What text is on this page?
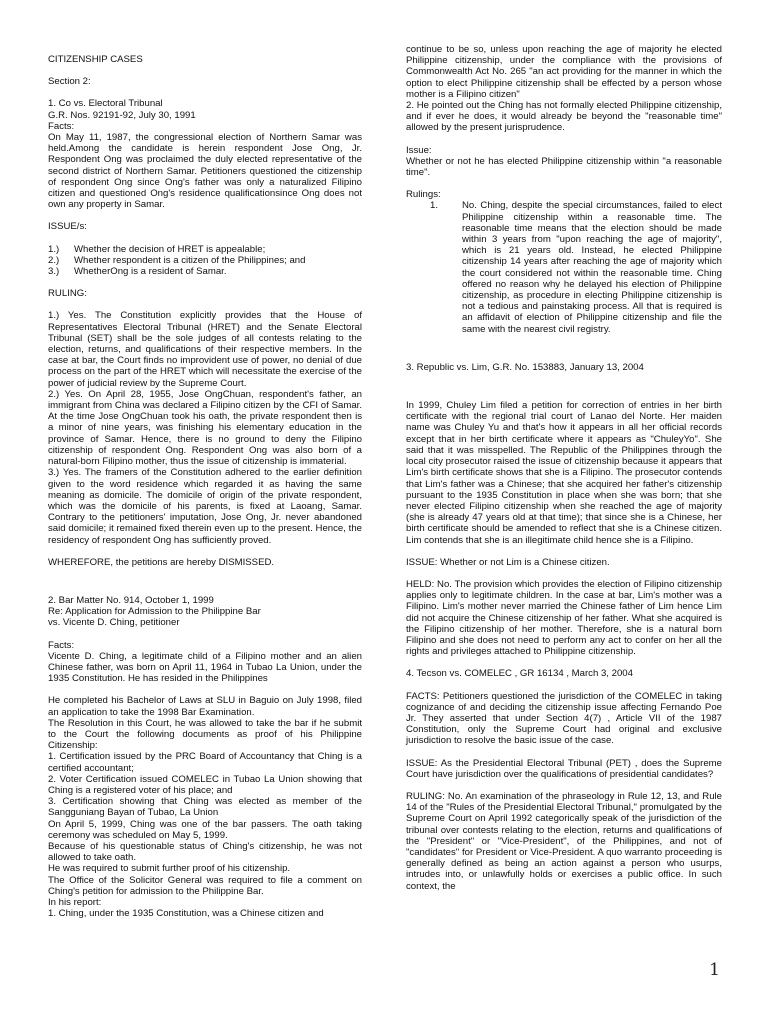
CITIZENSHIP CASES

Section 2:

1. Co vs. Electoral Tribunal

G.R. Nos. 92191-92, July 30, 1991

Facts:

On May 11, 1987, the congressional election of Northern Samar was held.Among the candidate is herein respondent Jose Ong, Jr. Respondent Ong was proclaimed the duly elected representative of the second district of Northern Samar. Petitioners questioned the citizenship of respondent Ong since Ong's father was only a naturalized Filipino citizen and questioned Ong's residence qualificationsince Ong does not own any property in Samar.

ISSUE/s:

1.) Whether the decision of HRET is appealable;
2.) Whether respondent is a citizen of the Philippines; and
3.) WhetherOng is a resident of Samar.

RULING:

1.) Yes. The Constitution explicitly provides that the House of Representatives Electoral Tribunal (HRET) and the Senate Electoral Tribunal (SET) shall be the sole judges of all contests relating to the election, returns, and qualifications of their respective members. In the case at bar, the Court finds no improvident use of power, no denial of due process on the part of the HRET which will necessitate the exercise of the power of judicial review by the Supreme Court.

2.) Yes. On April 28, 1955, Jose OngChuan, respondent's father, an immigrant from China was declared a Filipino citizen by the CFI of Samar. At the time Jose OngChuan took his oath, the private respondent then is a minor of nine years, was finishing his elementary education in the province of Samar. Hence, there is no ground to deny the Filipino citizenship of respondent Ong. Respondent Ong was also born of a natural-born Filipino mother, thus the issue of citizenship is immaterial.

3.) Yes. The framers of the Constitution adhered to the earlier definition given to the word residence which regarded it as having the same meaning as domicile. The domicile of origin of the private respondent, which was the domicile of his parents, is fixed at Laoang, Samar. Contrary to the petitioners' imputation, Jose Ong, Jr. never abandoned said domicile; it remained fixed therein even up to the present. Hence, the residency of respondent Ong has sufficiently proved.

WHEREFORE, the petitions are hereby DISMISSED.

2. Bar Matter No. 914, October 1, 1999

Re: Application for Admission to the Philippine Bar

vs. Vicente D. Ching, petitioner

Facts:

Vicente D. Ching, a legitimate child of a Filipino mother and an alien Chinese father, was born on April 11, 1964 in Tubao La Union, under the 1935 Constitution. He has resided in the Philippines

He completed his Bachelor of Laws at SLU in Baguio on July 1998, filed an application to take the 1998 Bar Examination.

The Resolution in this Court, he was allowed to take the bar if he submit to the Court the following documents as proof of his Philippine Citizenship:

1. Certification issued by the PRC Board of Accountancy that Ching is a certified accountant;

2. Voter Certification issued COMELEC in Tubao La Union showing that Ching is a registered voter of his place; and

3. Certification showing that Ching was elected as member of the Sangguniang Bayan of Tubao, La Union

On April 5, 1999, Ching was one of the bar passers. The oath taking ceremony was scheduled on May 5, 1999.

Because of his questionable status of Ching's citizenship, he was not allowed to take oath.

He was required to submit further proof of his citizenship.

The Office of the Solicitor General was required to file a comment on Ching's petition for admission to the Philippine Bar.

In his report:

1. Ching, under the 1935 Constitution, was a Chinese citizen and

continue to be so, unless upon reaching the age of majority he elected Philippine citizenship, under the compliance with the provisions of Commonwealth Act No. 265 "an act providing for the manner in which the option to elect Philippine citizenship shall be effected by a person whose mother is a Filipino citizen"

2. He pointed out the Ching has not formally elected Philippine citizenship, and if ever he does, it would already be beyond the "reasonable time" allowed by the present jurisprudence.

Issue:

Whether or not he has elected Philippine citizenship within "a reasonable time".

Rulings:

1. No. Ching, despite the special circumstances, failed to elect Philippine citizenship within a reasonable time. The reasonable time means that the election should be made within 3 years from "upon reaching the age of majority", which is 21 years old. Instead, he elected Philippine citizenship 14 years after reaching the age of majority which the court considered not within the reasonable time. Ching offered no reason why he delayed his election of Philippine citizenship, as procedure in electing Philippine citizenship is not a tedious and painstaking process. All that is required is an affidavit of election of Philippine citizenship and file the same with the nearest civil registry.

3. Republic vs. Lim, G.R. No. 153883, January 13, 2004

In 1999, Chuley Lim filed a petition for correction of entries in her birth certificate with the regional trial court of Lanao del Norte. Her maiden name was Chuley Yu and that's how it appears in all her official records except that in her birth certificate where it appears as "ChuleyYo". She said that it was misspelled. The Republic of the Philippines through the local city prosecutor raised the issue of citizenship because it appears that Lim's birth certificate shows that she is a Filipino. The prosecutor contends that Lim's father was a Chinese; that she acquired her father's citizenship pursuant to the 1935 Constitution in place when she was born; that she never elected Filipino citizenship when she reached the age of majority (she is already 47 years old at that time); that since she is a Chinese, her birth certificate should be amended to reflect that she is a Chinese citizen. Lim contends that she is an illegitimate child hence she is a Filipino.

ISSUE: Whether or not Lim is a Chinese citizen.

HELD: No. The provision which provides the election of Filipino citizenship applies only to legitimate children. In the case at bar, Lim's mother was a Filipino. Lim's mother never married the Chinese father of Lim hence Lim did not acquire the Chinese citizenship of her father. What she acquired is the Filipino citizenship of her mother. Therefore, she is a natural born Filipino and she does not need to perform any act to confer on her all the rights and privileges attached to Philippine citizenship.

4. Tecson vs. COMELEC , GR 16134 , March 3, 2004

FACTS: Petitioners questioned the jurisdiction of the COMELEC in taking cognizance of and deciding the citizenship issue affecting Fernando Poe Jr. They asserted that under Section 4(7) , Article VII of the 1987 Constitution, only the Supreme Court had original and exclusive jurisdiction to resolve the basic issue of the case.

ISSUE: As the Presidential Electoral Tribunal (PET) , does the Supreme Court have jurisdiction over the qualifications of presidential candidates?

RULING: No. An examination of the phraseology in Rule 12, 13, and Rule 14 of the "Rules of the Presidential Electoral Tribunal," promulgated by the Supreme Court on April 1992 categorically speak of the jurisdiction of the tribunal over contests relating to the election, returns and qualifications of the "President" or "Vice-President", of the Philippines, and not of "candidates" for President or Vice-President. A quo warranto proceeding is generally defined as being an action against a person who usurps, intrudes into, or unlawfully holds or exercises a public office. In such context, the

1
